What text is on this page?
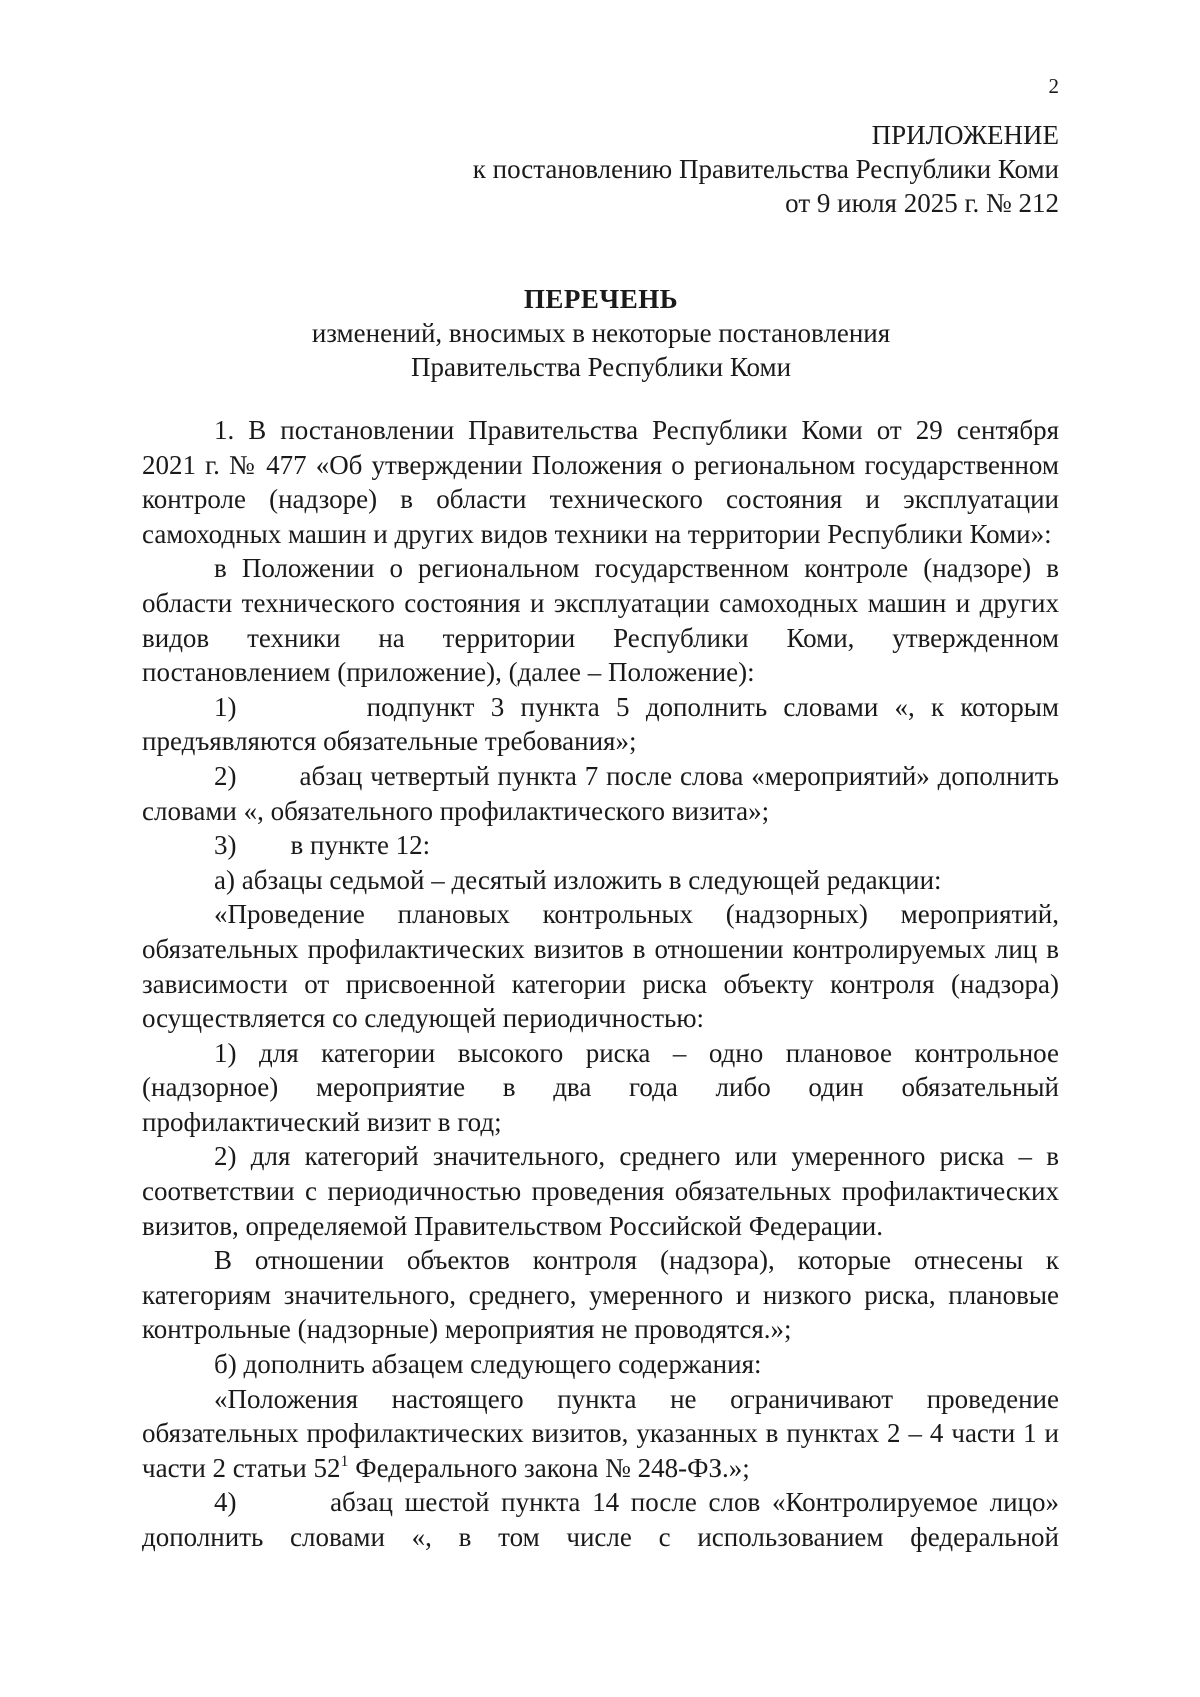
2
ПРИЛОЖЕНИЕ
к постановлению Правительства Республики Коми
от 9 июля 2025 г. № 212
ПЕРЕЧЕНЬ
изменений, вносимых в некоторые постановления
Правительства Республики Коми

1. В постановлении Правительства Республики Коми от 29 сентября 2021 г. № 477 «Об утверждении Положения о региональном государственном контроле (надзоре) в области технического состояния и эксплуатации самоходных машин и других видов техники на территории Республики Коми»:

в Положении о региональном государственном контроле (надзоре) в области технического состояния и эксплуатации самоходных машин и других видов техники на территории Республики Коми, утвержденном постановлением (приложение), (далее – Положение):

1)        подпункт 3 пункта 5 дополнить словами «, к которым предъявляются обязательные требования»;

2)        абзац четвертый пункта 7 после слова «мероприятий» дополнить словами «, обязательного профилактического визита»;

3)        в пункте 12:

а) абзацы седьмой – десятый изложить в следующей редакции:

«Проведение плановых контрольных (надзорных) мероприятий, обязательных профилактических визитов в отношении контролируемых лиц в зависимости от присвоенной категории риска объекту контроля (надзора) осуществляется со следующей периодичностью:

1) для категории высокого риска – одно плановое контрольное (надзорное) мероприятие в два года либо один обязательный профилактический визит в год;

2) для категорий значительного, среднего или умеренного риска – в соответствии с периодичностью проведения обязательных профилактических визитов, определяемой Правительством Российской Федерации.

В отношении объектов контроля (надзора), которые отнесены к категориям значительного, среднего, умеренного и низкого риска, плановые контрольные (надзорные) мероприятия не проводятся.»;

б) дополнить абзацем следующего содержания:

«Положения настоящего пункта не ограничивают проведение обязательных профилактических визитов, указанных в пунктах 2 – 4 части 1 и части 2 статьи $52^1$ Федерального закона № 248-ФЗ.»;

4)        абзац шестой пункта 14 после слов «Контролируемое лицо» дополнить словами «, в том числе с использованием федеральной
